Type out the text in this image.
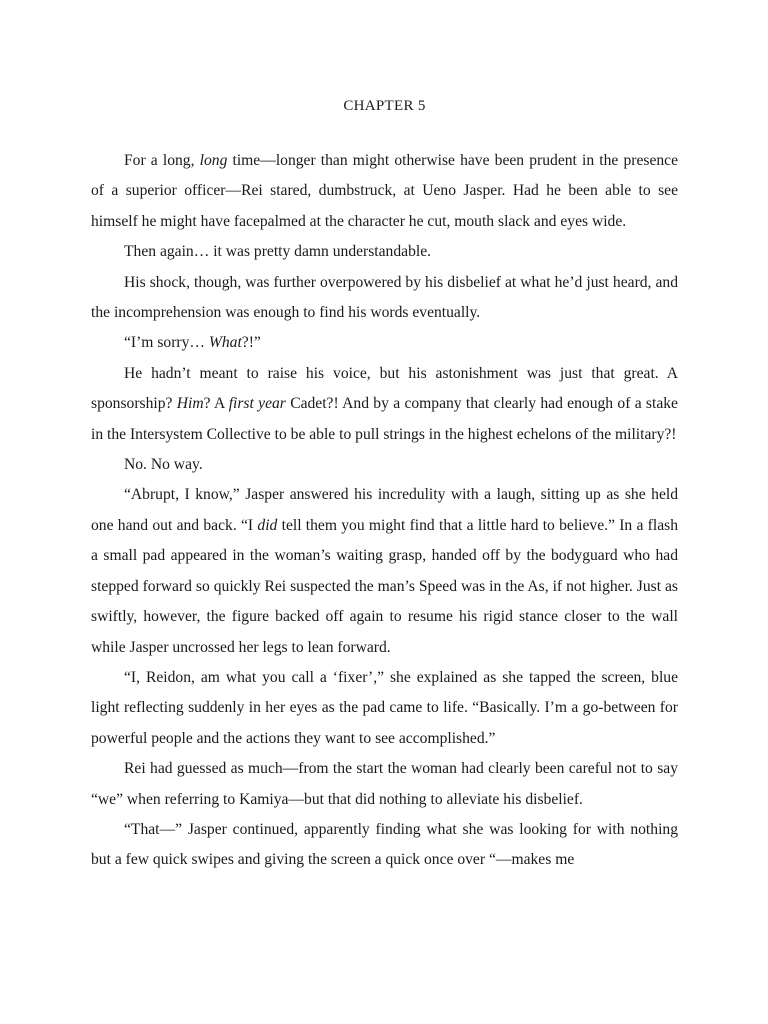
CHAPTER 5

For a long, long time—longer than might otherwise have been prudent in the presence of a superior officer—Rei stared, dumbstruck, at Ueno Jasper. Had he been able to see himself he might have facepalmed at the character he cut, mouth slack and eyes wide.

Then again… it was pretty damn understandable.

His shock, though, was further overpowered by his disbelief at what he’d just heard, and the incomprehension was enough to find his words eventually.

“I’m sorry… What?!”

He hadn’t meant to raise his voice, but his astonishment was just that great. A sponsorship? Him? A first year Cadet?! And by a company that clearly had enough of a stake in the Intersystem Collective to be able to pull strings in the highest echelons of the military?!

No. No way.

“Abrupt, I know,” Jasper answered his incredulity with a laugh, sitting up as she held one hand out and back. “I did tell them you might find that a little hard to believe.” In a flash a small pad appeared in the woman’s waiting grasp, handed off by the bodyguard who had stepped forward so quickly Rei suspected the man’s Speed was in the As, if not higher. Just as swiftly, however, the figure backed off again to resume his rigid stance closer to the wall while Jasper uncrossed her legs to lean forward.

“I, Reidon, am what you call a ‘fixer’,” she explained as she tapped the screen, blue light reflecting suddenly in her eyes as the pad came to life. “Basically. I’m a go-between for powerful people and the actions they want to see accomplished.”

Rei had guessed as much—from the start the woman had clearly been careful not to say “we” when referring to Kamiya—but that did nothing to alleviate his disbelief.

“That—” Jasper continued, apparently finding what she was looking for with nothing but a few quick swipes and giving the screen a quick once over “—makes me
